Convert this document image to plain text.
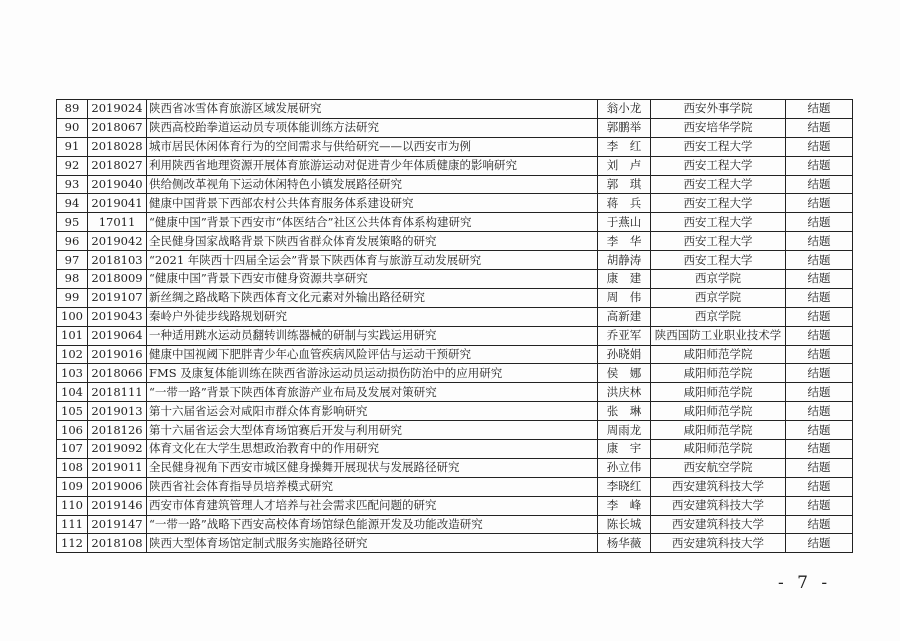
89	2019024	陕西省冰雪体育旅游区域发展研究	翁小龙	西安外事学院	结题
90	2018067	陕西高校跆拳道运动员专项体能训练方法研究	郭鹏举	西安培华学院	结题
91	2018028	城市居民休闲体育行为的空间需求与供给研究——以西安市为例	李　红	西安工程大学	结题
92	2018027	利用陕西省地理资源开展体育旅游运动对促进青少年体质健康的影响研究	刘　卢	西安工程大学	结题
93	2019040	供给侧改革视角下运动休闲特色小镇发展路径研究	郭　琪	西安工程大学	结题
94	2019041	健康中国背景下西部农村公共体育服务体系建设研究	蒋　兵	西安工程大学	结题
95	17011	“健康中国”背景下西安市“体医结合”社区公共体育体系构建研究	于燕山	西安工程大学	结题
96	2019042	全民健身国家战略背景下陕西省群众体育发展策略的研究	李　华	西安工程大学	结题
97	2018103	“2021 年陕西十四届全运会”背景下陕西体育与旅游互动发展研究	胡静涛	西安工程大学	结题
98	2018009	“健康中国”背景下西安市健身资源共享研究	康　建	西京学院	结题
99	2019107	新丝绸之路战略下陕西体育文化元素对外输出路径研究	周　伟	西京学院	结题
100	2019043	秦岭户外徒步线路规划研究	高新建	西京学院	结题
101	2019064	一种适用跳水运动员翻转训练器械的研制与实践运用研究	乔亚军	陕西国防工业职业技术学	结题
102	2019016	健康中国视阈下肥胖青少年心血管疾病风险评估与运动干预研究	孙晓娟	咸阳师范学院	结题
103	2018066	FMS 及康复体能训练在陕西省游泳运动员运动损伤防治中的应用研究	侯　娜	咸阳师范学院	结题
104	2018111	“一带一路”背景下陕西体育旅游产业布局及发展对策研究	洪庆林	咸阳师范学院	结题
105	2019013	第十六届省运会对咸阳市群众体育影响研究	张　琳	咸阳师范学院	结题
106	2018126	第十六届省运会大型体育场馆赛后开发与利用研究	周雨龙	咸阳师范学院	结题
107	2019092	体育文化在大学生思想政治教育中的作用研究	康　宇	咸阳师范学院	结题
108	2019011	全民健身视角下西安市城区健身操舞开展现状与发展路径研究	孙立伟	西安航空学院	结题
109	2019006	陕西省社会体育指导员培养模式研究	李晓红	西安建筑科技大学	结题
110	2019146	西安市体育建筑管理人才培养与社会需求匹配问题的研究	李　峰	西安建筑科技大学	结题
111	2019147	“一带一路”战略下西安高校体育场馆绿色能源开发及功能改造研究	陈长城	西安建筑科技大学	结题
112	2018108	陕西大型体育场馆定制式服务实施路径研究	杨华薇	西安建筑科技大学	结题
- 7 -
